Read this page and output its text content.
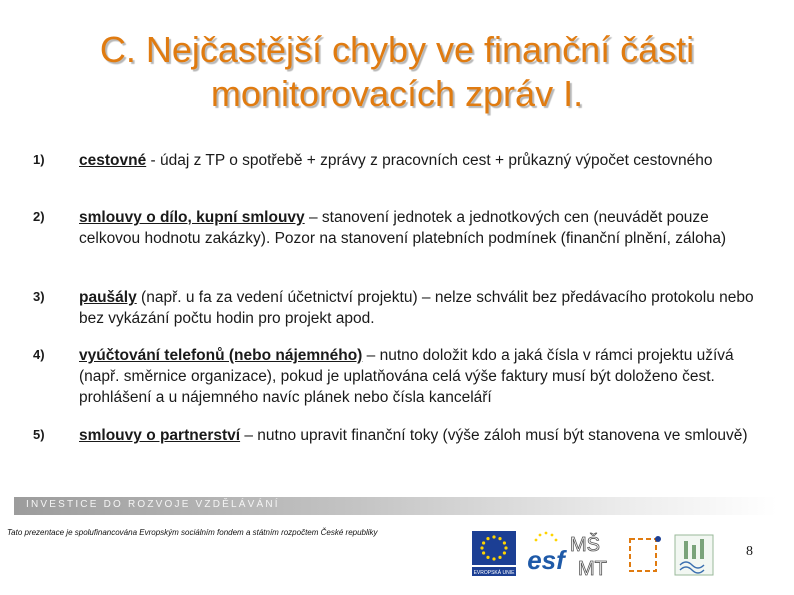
C. Nejčastější chyby ve finanční části
monitorovacích zpráv I.
1)	cestovné - údaj z TP o spotřebě + zprávy z pracovních cest + průkazný výpočet cestovného
2)	smlouvy o dílo, kupní smlouvy – stanovení jednotek a jednotkových cen (neuvádět pouze celkovou hodnotu zakázky). Pozor na stanovení platebních podmínek (finanční plnění, záloha)
3)	paušály (např. u fa za vedení účetnictví projektu) – nelze schválit bez předávacího protokolu nebo bez vykázání počtu hodin pro projekt apod.
4)	vyúčtování telefonů (nebo nájemného) – nutno doložit kdo a jaká čísla v rámci projektu užívá (např. směrnice organizace), pokud je uplatňována celá výše faktury musí být doloženo čest. prohlášení a u nájemného navíc plánek nebo čísla kanceláří
5)	smlouvy o partnerství – nutno upravit finanční toky (výše záloh musí být stanovena ve smlouvě)
INVESTICE DO ROZVOJE VZDĚLÁVÁNÍ
Tato prezentace je spolufinancována Evropským sociálním fondem a státním rozpočtem České republiky
EVROPSKÁ UNIE esf MŠ
MT
8
